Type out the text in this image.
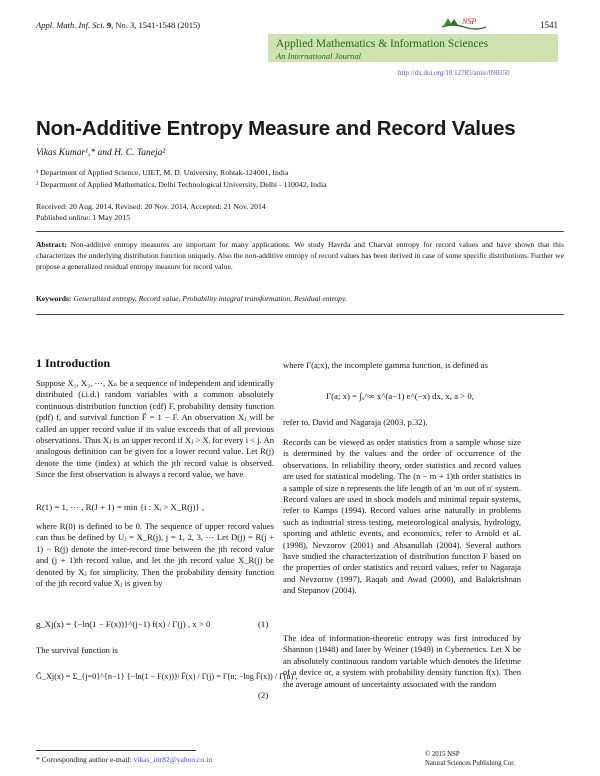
Appl. Math. Inf. Sci. 9, No. 3, 1541-1548 (2015)	NSP	1541
Applied Mathematics & Information Sciences
An International Journal
http://dx.doi.org/10.12785/amis/090350
Non-Additive Entropy Measure and Record Values
Vikas Kumar¹,* and H. C. Taneja²
¹ Department of Applied Science, UIET, M. D. University, Rohtak-124001, India
² Department of Applied Mathematics, Delhi Technological University, Delhi - 110042, India
Received: 20 Aug. 2014, Revised: 20 Nov. 2014, Accepted: 21 Nov. 2014
Published online: 1 May 2015
Abstract: Non-additive entropy measures are important for many applications. We study Havrda and Charvat entropy for record values and have shown that this characterizes the underlying distribution function uniquely. Also the non-additive entropy of record values has been derived in case of some specific distributions. Further we propose a generalized residual entropy measure for record value.
Keywords: Generalized entropy, Record value, Probability integral transformation, Residual entropy.
1 Introduction
Suppose X₁, X₂, ⋯, Xₙ be a sequence of independent and identically distributed (i.i.d.) random variables with a common absolutely continuous distribution function (cdf) F, probability density function (pdf) f, and survival function F̄ = 1 − F. An observation Xⱼ will be called an upper record value if its value exceeds that of all previous observations. Thus Xⱼ is an upper record if Xⱼ > Xᵢ for every i < j. An analogous definition can be given for a lower record value. Let R(j) denote the time (index) at which the jth record value is observed. Since the first observation is always a record value, we have
R(1) = 1, ⋯ , R(J + 1) = min {i : Xᵢ > X_R(j)} ,
where R(0) is defined to be 0. The sequence of upper record values can thus be defined by Uⱼ = X_R(j), j = 1, 2, 3, ⋯ Let D(j) = R(j + 1) − R(j) denote the inter-record time between the jth record value and (j + 1)th record value, and let the jth record value X_R(j) be denoted by Xⱼ for simplicity. Then the probability density function of the jth record value Xⱼ is given by
g_Xj(x) = {−ln(1 − F(x))}^(j−1) f(x) / Γ(j) , x > 0	(1)
The survival function is
Ḡ_Xj(x) = Σ_{j=0}^{n−1} {−ln(1 − F(x))}ʲ F̄(x) / Γ(j) = Γ(n; −log F̄(x)) / Γ(n) ,
(2)
where Γ(a;x), the incomplete gamma function, is defined as
Γ(a; x) = ∫ₓ^∞ x^(a−1) e^(−x) dx, x, a > 0,
refer to, David and Nagaraja (2003, p.32).
Records can be viewed as order statistics from a sample whose size is determined by the values and the order of occurrence of the observations. In reliability theory, order statistics and record values are used for statistical modeling. The (n − m + 1)th order statistics in a sample of size n represents the life length of an 'm out of n' system. Record values are used in shock models and minimal repair systems, refer to Kamps (1994). Record values arise naturally in problems such as industrial stress testing, meteorological analysis, hydrology, sporting and athletic events, and economics, refer to Arnold et al. (1998), Nevzorov (2001) and Ahsanullah (2004). Several authors have studied the characterization of distribution function F based on the properties of order statistics and record values, refer to Nagaraja and Nevzorov (1997), Raqab and Awad (2000), and Balakrishnan and Stepanov (2004).
The idea of information-theoretic entropy was first introduced by Shannon (1948) and later by Weiner (1949) in Cybernetics. Let X be an absolutely continuous random variable which denotes the lifetime of a device or, a system with probability density function f(x). Then the average amount of uncertainty associated with the random
* Corresponding author e-mail: vikas_iitr82@yahoo.co.in
© 2015 NSP
Natural Sciences Publishing Cor.
